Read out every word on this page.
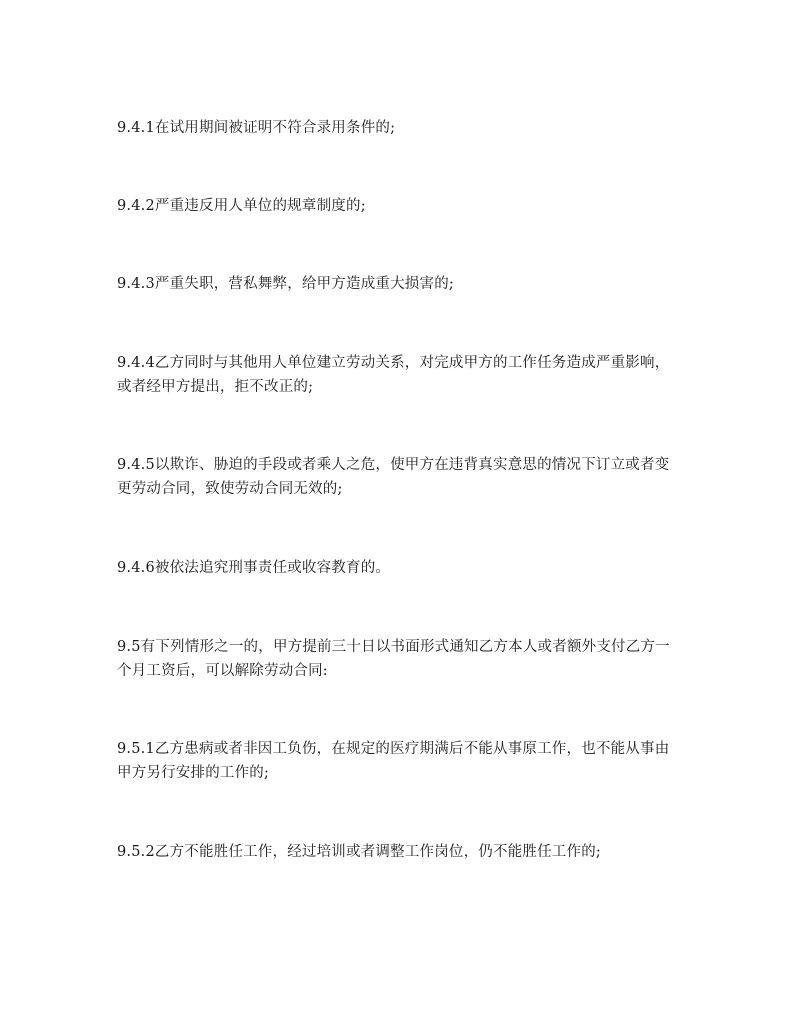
9.4.1在试用期间被证明不符合录用条件的;

9.4.2严重违反用人单位的规章制度的;

9.4.3严重失职，营私舞弊，给甲方造成重大损害的;

9.4.4乙方同时与其他用人单位建立劳动关系，对完成甲方的工作任务造成严重影响，或者经甲方提出，拒不改正的;

9.4.5以欺诈、胁迫的手段或者乘人之危，使甲方在违背真实意思的情况下订立或者变更劳动合同，致使劳动合同无效的;

9.4.6被依法追究刑事责任或收容教育的。

9.5有下列情形之一的，甲方提前三十日以书面形式通知乙方本人或者额外支付乙方一个月工资后，可以解除劳动合同:

9.5.1乙方患病或者非因工负伤，在规定的医疗期满后不能从事原工作，也不能从事由甲方另行安排的工作的;

9.5.2乙方不能胜任工作，经过培训或者调整工作岗位，仍不能胜任工作的;
